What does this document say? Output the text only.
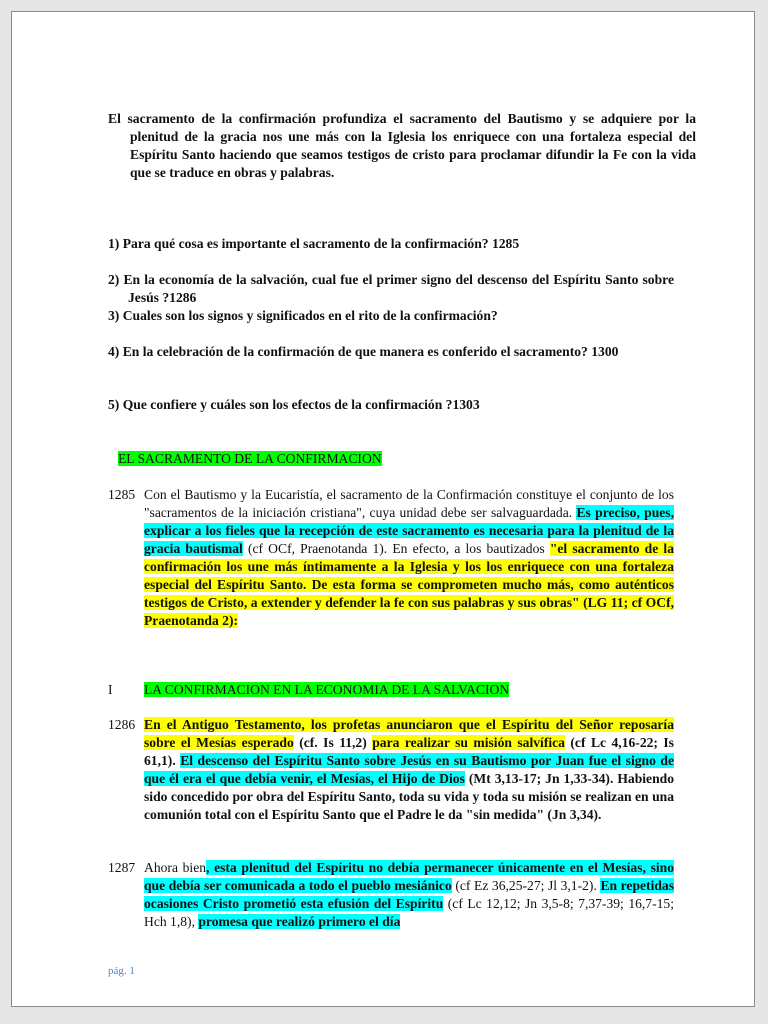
El sacramento de la confirmación profundiza el sacramento del Bautismo y se adquiere por la plenitud de la gracia nos une más con la Iglesia los enriquece con una fortaleza especial del Espíritu Santo haciendo que seamos testigos de cristo para proclamar difundir la Fe con la vida que se traduce en obras y palabras.
1) Para qué cosa es importante el sacramento de la confirmación? 1285
2) En la economía de la salvación, cual fue el primer signo del descenso del Espíritu Santo sobre Jesús ?1286
3) Cuales son los signos y significados en el rito de la confirmación?
4) En la celebración de la confirmación de que manera es conferido el sacramento? 1300
5) Que confiere y cuáles son los efectos de la confirmación ?1303
EL SACRAMENTO DE LA CONFIRMACION
1285 Con el Bautismo y la Eucaristía, el sacramento de la Confirmación constituye el conjunto de los "sacramentos de la iniciación cristiana", cuya unidad debe ser salvaguardada. Es preciso, pues, explicar a los fieles que la recepción de este sacramento es necesaria para la plenitud de la gracia bautismal (cf OCf, Praenotanda 1). En efecto, a los bautizados "el sacramento de la confirmación los une más íntimamente a la Iglesia y los los enriquece con una fortaleza especial del Espíritu Santo. De esta forma se comprometen mucho más, como auténticos testigos de Cristo, a extender y defender la fe con sus palabras y sus obras" (LG 11; cf OCf, Praenotanda 2):
I LA CONFIRMACION EN LA ECONOMIA DE LA SALVACION
1286 En el Antiguo Testamento, los profetas anunciaron que el Espíritu del Señor reposaría sobre el Mesías esperado (cf. Is 11,2) para realizar su misión salvífica (cf Lc 4,16-22; Is 61,1). El descenso del Espíritu Santo sobre Jesús en su Bautismo por Juan fue el signo de que él era el que debía venir, el Mesías, el Hijo de Dios (Mt 3,13-17; Jn 1,33-34). Habiendo sido concedido por obra del Espíritu Santo, toda su vida y toda su misión se realizan en una comunión total con el Espíritu Santo que el Padre le da "sin medida" (Jn 3,34).
1287 Ahora bien, esta plenitud del Espíritu no debía permanecer únicamente en el Mesías, sino que debía ser comunicada a todo el pueblo mesiánico (cf Ez 36,25-27; Jl 3,1-2). En repetidas ocasiones Cristo prometió esta efusión del Espíritu (cf Lc 12,12; Jn 3,5-8; 7,37-39; 16,7-15; Hch 1,8), promesa que realizó primero el día
pág. 1
